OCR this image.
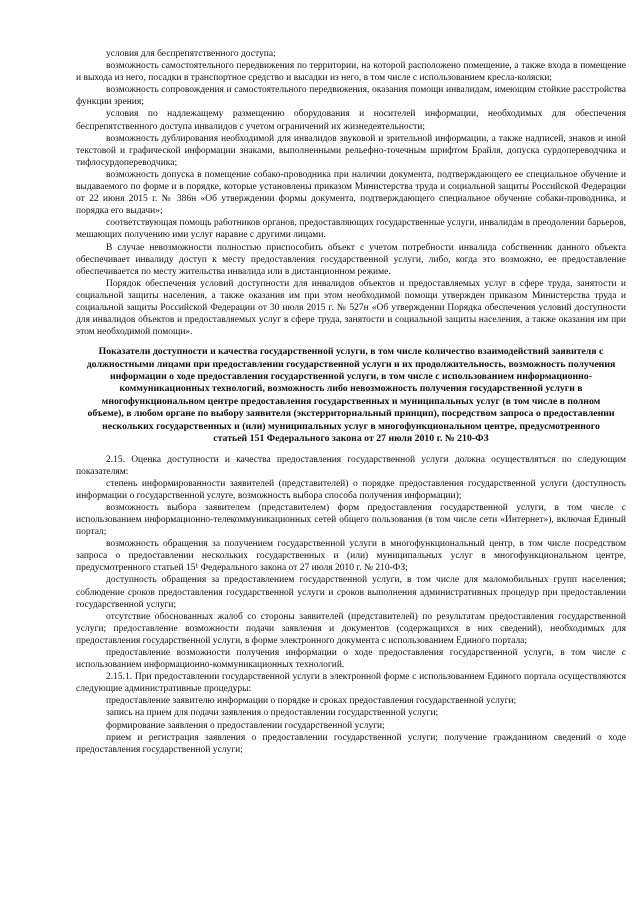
условия для беспрепятственного доступа;

возможность самостоятельного передвижения по территории, на которой расположено помещение, а также входа в помещение и выхода из него, посадки в транспортное средство и высадки из него, в том числе с использованием кресла-коляски;

возможность сопровождения и самостоятельного передвижения, оказания помощи инвалидам, имеющим стойкие расстройства функции зрения;

условия по надлежащему размещению оборудования и носителей информации, необходимых для обеспечения беспрепятственного доступа инвалидов с учетом ограничений их жизнедеятельности;

возможность дублирования необходимой для инвалидов звуковой и зрительной информации, а также надписей, знаков и иной текстовой и графической информации знаками, выполненными рельефно-точечным шрифтом Брайля, допуска сурдопереводчика и тифлосурдопереводчика;

возможность допуска в помещение собако-проводника при наличии документа, подтверждающего ее специальное обучение и выдаваемого по форме и в порядке, которые установлены приказом Министерства труда и социальной защиты Российской Федерации от 22 июня 2015 г. № 386н «Об утверждении формы документа, подтверждающего специальное обучение собаки-проводника, и порядка его выдачи»;

соответствующая помощь работников органов, предоставляющих государственные услуги, инвалидам в преодолении барьеров, мешающих получению ими услуг наравне с другими лицами.

В случае невозможности полностью приспособить объект с учетом потребности инвалида собственник данного объекта обеспечивает инвалиду доступ к месту предоставления государственной услуги, либо, когда это возможно, ее предоставление обеспечивается по месту жительства инвалида или в дистанционном режиме.

Порядок обеспечения условий доступности для инвалидов объектов и предоставляемых услуг в сфере труда, занятости и социальной защиты населения, а также оказания им при этом необходимой помощи утвержден приказом Министерства труда и социальной защиты Российской Федерации от 30 июля 2015 г. № 527н «Об утверждении Порядка обеспечения условий доступности для инвалидов объектов и предоставляемых услуг в сфере труда, занятости и социальной защиты населения, а также оказания им при этом необходимой помощи».

Показатели доступности и качества государственной услуги, в том числе количество взаимодействий заявителя с должностными лицами при предоставлении государственной услуги и их продолжительность, возможность получения информации о ходе предоставления государственной услуги, в том числе с использованием информационно-коммуникационных технологий, возможность либо невозможность получения государственной услуги в многофункциональном центре предоставления государственных и муниципальных услуг (в том числе в полном объеме), в любом органе по выбору заявителя (экстерриториальный принцип), посредством запроса о предоставлении нескольких государственных и (или) муниципальных услуг в многофункциональном центре, предусмотренного статьей 151 Федерального закона от 27 июля 2010 г. № 210-ФЗ

2.15. Оценка доступности и качества предоставления государственной услуги должна осуществляться по следующим показателям:

степень информированности заявителей (представителей) о порядке предоставления государственной услуги (доступность информации о государственной услуге, возможность выбора способа получения информации);

возможность выбора заявителем (представителем) форм предоставления государственной услуги, в том числе с использованием информационно-телекоммуникационных сетей общего пользования (в том числе сети «Интернет»), включая Единый портал;

возможность обращения за получением государственной услуги в многофункциональный центр, в том числе посредством запроса о предоставлении нескольких государственных и (или) муниципальных услуг в многофункциональном центре, предусмотренного статьей 15¹ Федерального закона от 27 июля 2010 г. № 210-ФЗ;

доступность обращения за предоставлением государственной услуги, в том числе для маломобильных групп населения; соблюдение сроков предоставления государственной услуги и сроков выполнения административных процедур при предоставлении государственной услуги;

отсутствие обоснованных жалоб со стороны заявителей (представителей) по результатам предоставления государственной услуги; предоставление возможности подачи заявления и документов (содержащихся в них сведений), необходимых для предоставления государственной услуги, в форме электронного документа с использованием Единого портала;

предоставление возможности получения информации о ходе предоставления государственной услуги, в том числе с использованием информационно-коммуникационных технологий.

2.15.1. При предоставлении государственной услуги в электронной форме с использованием Единого портала осуществляются следующие административные процедуры:

предоставление заявителю информации о порядке и сроках предоставления государственной услуги;

запись на прием для подачи заявления о предоставлении государственной услуги;

формирование заявления о предоставлении государственной услуги;

прием и регистрация заявления о предоставлении государственной услуги; получение гражданином сведений о ходе предоставления государственной услуги;
